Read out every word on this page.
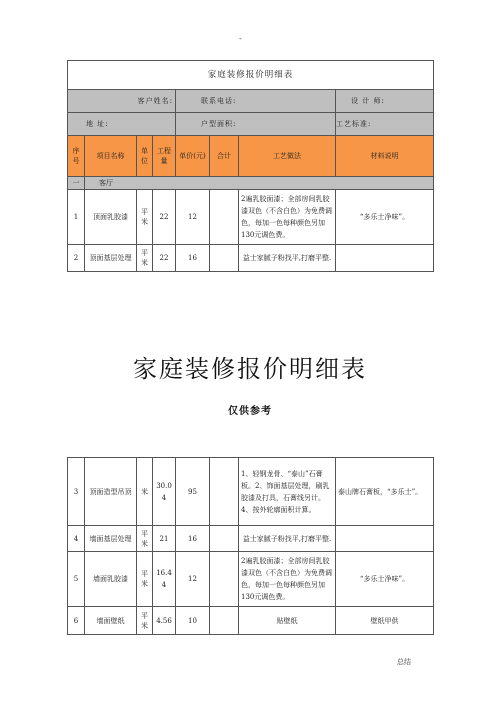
-
家庭装修报价明细表							
客户姓名:				联系电话:			设 计 师:
地 址:				户型面积:			工艺标准:
序号	项目名称	单位	工程量	单价(元)	合计	工艺做法	材料说明
一	客厅						
1	顶面乳胶漆	平米	22	12		2遍乳胶面漆；全部房间乳胶漆双色（不含白色）为免费调色，每加一色每种颜色另加130元调色费。	“多乐士净味”。
2	顶面基层处理	平米	22	16		益士家腻子粉找平,打磨平整.	
家庭装修报价明细表
仅供参考
3	顶面造型吊顶	米	30.04	95		1、轻钢龙骨、“泰山”石膏板。2、饰面基层处理，刷乳胶漆及打具，石膏线另计。4、按外轮廓面积计算。	泰山牌石膏板，“多乐士”。
4	墙面基层处理	平米	21	16		益士家腻子粉找平,打磨平整.	
5	墙面乳胶漆	平米	16.44	12		2遍乳胶面漆；全部房间乳胶漆双色（不含白色）为免费调色，每加一色每种颜色另加130元调色费。	“多乐士净味”。
6	墙面壁纸	平米	4.56	10		贴壁纸	壁纸甲供
总结
